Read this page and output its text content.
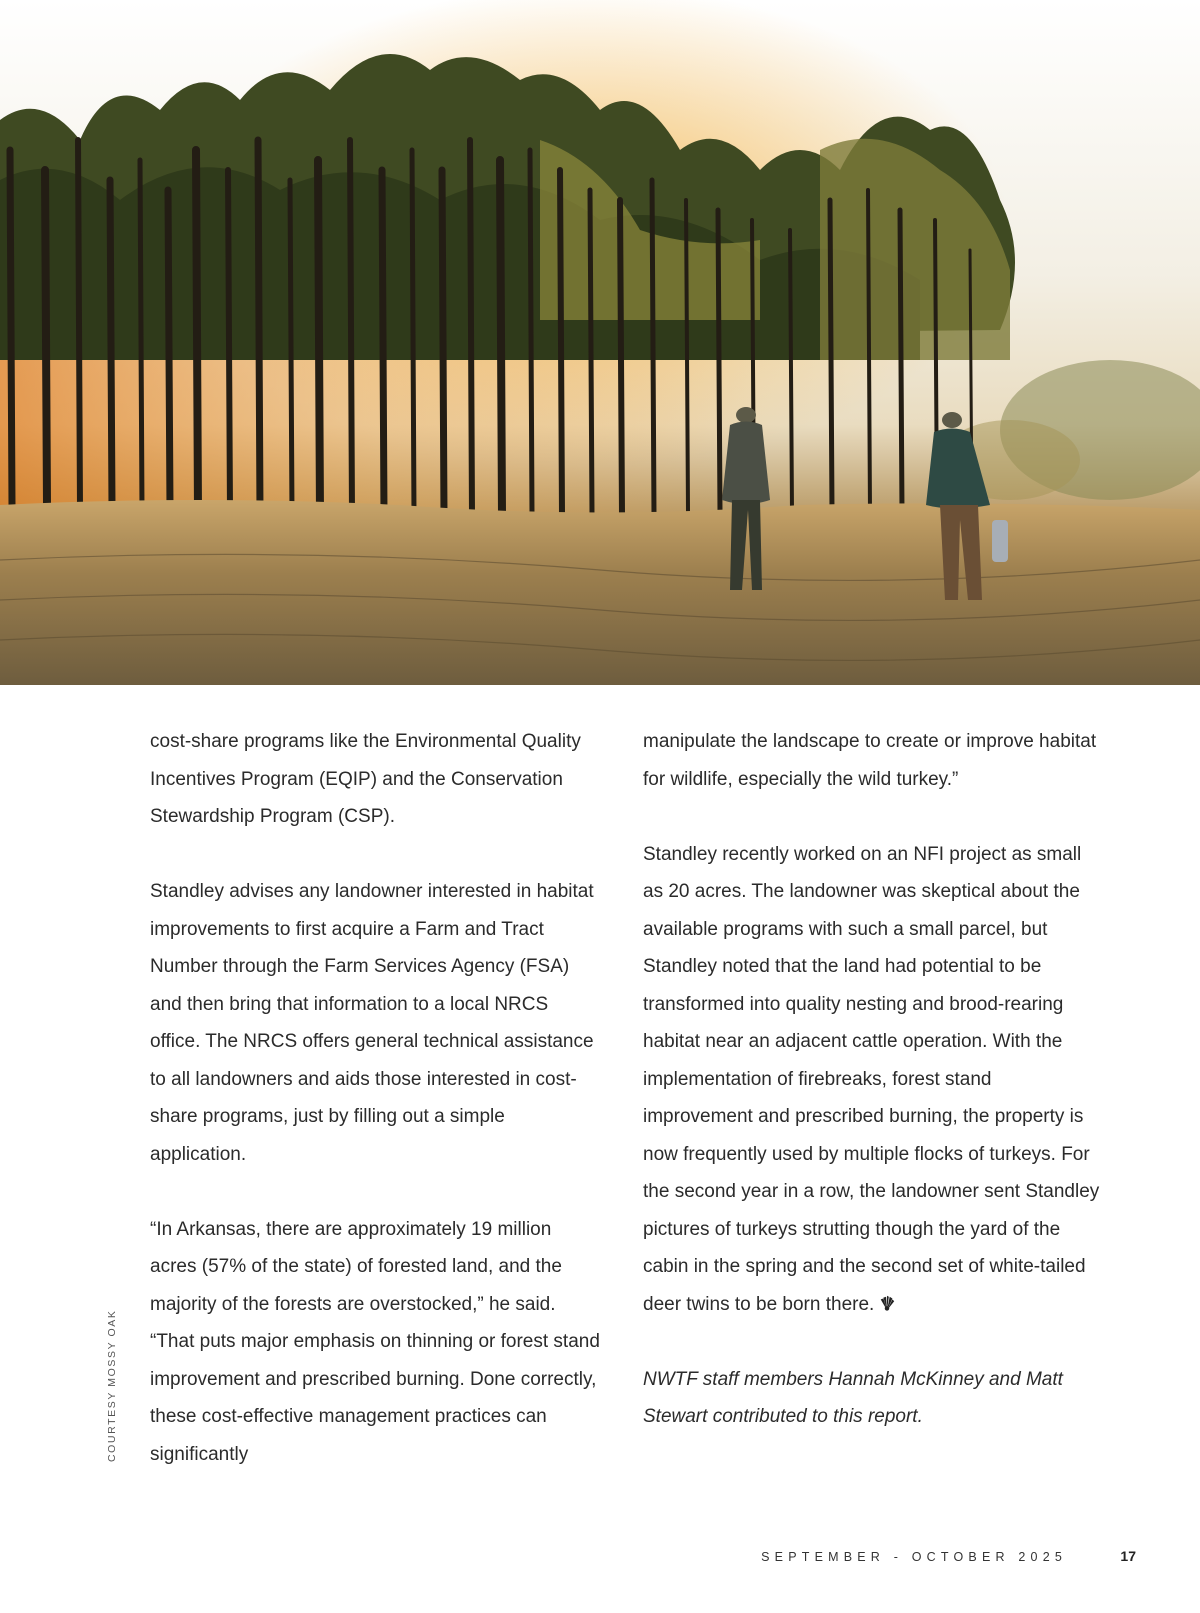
cost-share programs like the Environmental Quality Incentives Program (EQIP) and the Conservation Stewardship Program (CSP).

Standley advises any landowner interested in habitat improvements to first acquire a Farm and Tract Number through the Farm Services Agency (FSA) and then bring that information to a local NRCS office. The NRCS offers general technical assistance to all landowners and aids those interested in cost-share programs, just by filling out a simple application.

“In Arkansas, there are approximately 19 million acres (57% of the state) of forested land, and the majority of the forests are overstocked,” he said. “That puts major emphasis on thinning or forest stand improvement and prescribed burning. Done correctly, these cost-effective management practices can significantly

manipulate the landscape to create or improve habitat for wildlife, especially the wild turkey.”

Standley recently worked on an NFI project as small as 20 acres. The landowner was skeptical about the available programs with such a small parcel, but Standley noted that the land had potential to be transformed into quality nesting and brood-rearing habitat near an adjacent cattle operation. With the implementation of firebreaks, forest stand improvement and prescribed burning, the property is now frequently used by multiple flocks of turkeys. For the second year in a row, the landowner sent Standley pictures of turkeys strutting though the yard of the cabin in the spring and the second set of white-tailed deer twins to be born there.

NWTF staff members Hannah McKinney and Matt Stewart contributed to this report.

COURTESY MOSSY OAK
SEPTEMBER - OCTOBER 2025	17
